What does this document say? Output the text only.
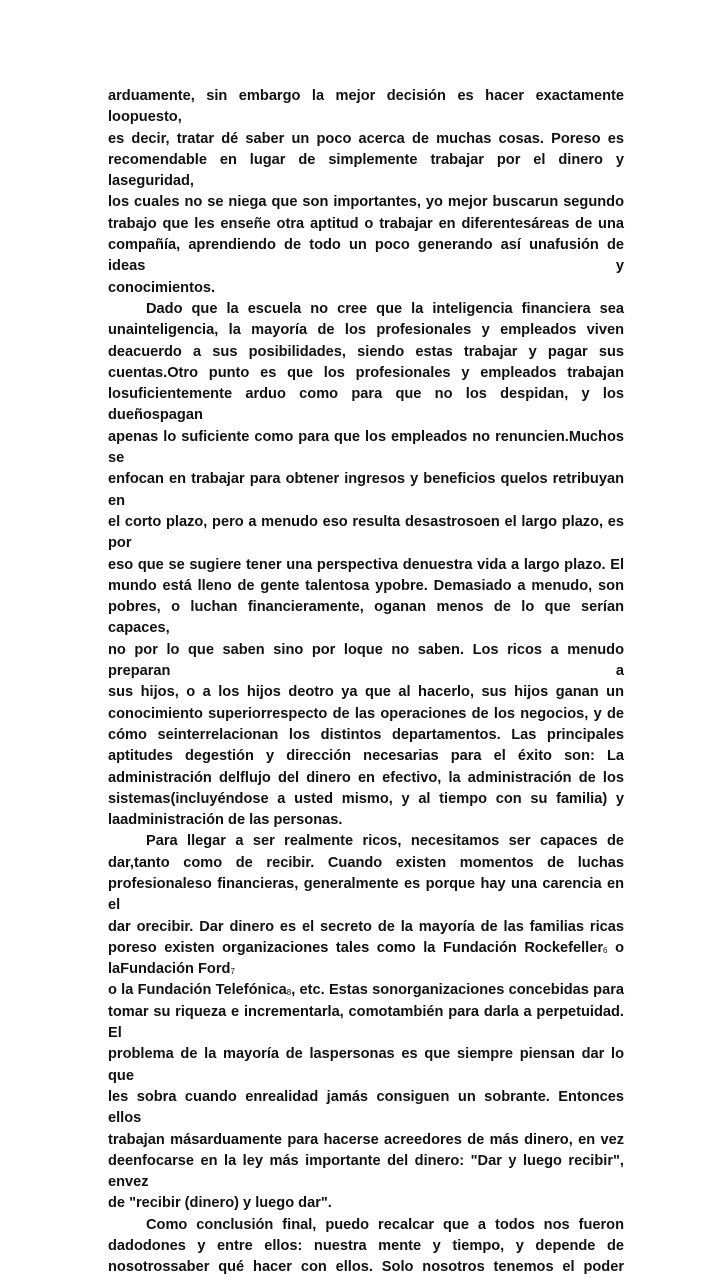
arduamente, sin embargo la mejor decisión es hacer exactamente loopuesto,
es decir, tratar dé saber un poco acerca de muchas cosas. Poreso es
recomendable en lugar de simplemente trabajar por el dinero y laseguridad,
los cuales no se niega que son importantes, yo mejor buscarun segundo
trabajo que les enseñe otra aptitud o trabajar en diferentesáreas de una
compañía, aprendiendo de todo un poco generando así unafusión de ideas y
conocimientos.
Dado que la escuela no cree que la inteligencia financiera sea
unainteligencia, la mayoría de los profesionales y empleados viven
deacuerdo a sus posibilidades, siendo estas trabajar y pagar sus
cuentas.Otro punto es que los profesionales y empleados trabajan
losuficientemente arduo como para que no los despidan, y los dueñospagan
apenas lo suficiente como para que los empleados no renuncien.Muchos se
enfocan en trabajar para obtener ingresos y beneficios quelos retribuyan en
el corto plazo, pero a menudo eso resulta desastrosoen el largo plazo, es por
eso que se sugiere tener una perspectiva denuestra vida a largo plazo. El
mundo está lleno de gente talentosa ypobre. Demasiado a menudo, son
pobres, o luchan financieramente, oganan menos de lo que serían capaces,
no por lo que saben sino por loque no saben. Los ricos a menudo preparan a
sus hijos, o a los hijos deotro ya que al hacerlo, sus hijos ganan un
conocimiento superiorrespecto de las operaciones de los negocios, y de
cómo seinterrelacionan los distintos departamentos. Las principales
aptitudes degestión y dirección necesarias para el éxito son: La
administración delflujo del dinero en efectivo, la administración de los
sistemas(incluyéndose a usted mismo, y al tiempo con su familia) y
laadministración de las personas.
Para llegar a ser realmente ricos, necesitamos ser capaces de
dar,tanto como de recibir. Cuando existen momentos de luchas
profesionaleso financieras, generalmente es porque hay una carencia en el
dar orecibir. Dar dinero es el secreto de la mayoría de las familias ricas
poreso existen organizaciones tales como la Fundación Rockefeller$_6$ o
laFundación Ford$_7$
o la Fundación Telefónica$_8$, etc. Estas sonorganizaciones concebidas para
tomar su riqueza e incrementarla, comotambién para darla a perpetuidad. El
problema de la mayoría de laspersonas es que siempre piensan dar lo que
les sobra cuando enrealidad jamás consiguen un sobrante. Entonces ellos
trabajan másarduamente para hacerse acreedores de más dinero, en vez
deenfocarse en la ley más importante del dinero: "Dar y luego recibir", envez
de "recibir (dinero) y luego dar".
Como conclusión final, puedo recalcar que a todos nos fueron
dadodones y entre ellos: nuestra mente y tiempo, y depende de
nosotrossaber qué hacer con ellos. Solo nosotros tenemos el poder
